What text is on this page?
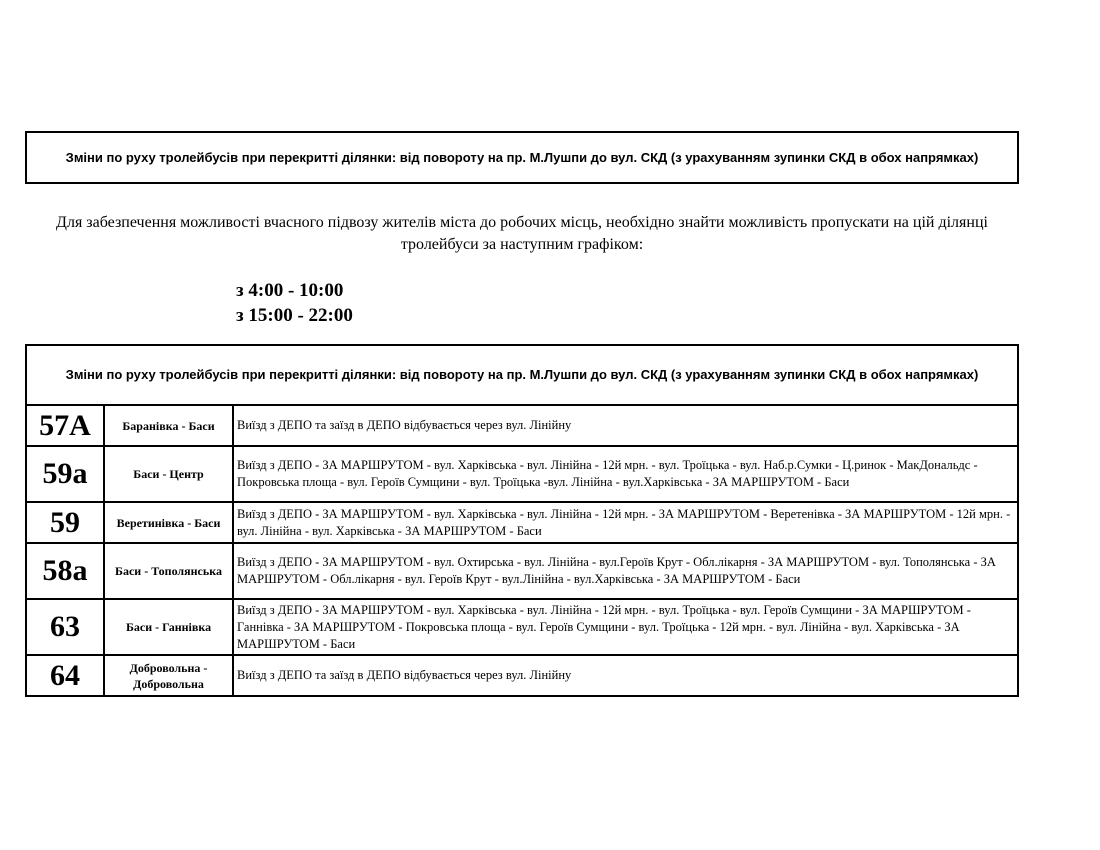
Зміни по руху тролейбусів при перекритті ділянки: від повороту на пр. М.Лушпи до вул. СКД (з урахуванням зупинки СКД в обох напрямках)
Для забезпечення можливості вчасного підвозу жителів міста до робочих місць, необхідно знайти можливість пропускати на цій ділянці тролейбуси за наступним графіком:
з 4:00 - 10:00
з 15:00 - 22:00
Зміни по руху тролейбусів при перекритті ділянки: від повороту на пр. М.Лушпи до вул. СКД (з урахуванням зупинки СКД в обох напрямках)		
57А	Баранівка - Баси	Виїзд з ДЕПО та заїзд в ДЕПО відбувається через вул. Лінійну
59а	Баси - Центр	Виїзд з ДЕПО - ЗА МАРШРУТОМ - вул. Харківська - вул. Лінійна - 12й мрн. - вул. Троїцька - вул. Наб.р.Сумки - Ц.ринок - МакДональдс - Покровська площа - вул. Героїв Сумщини - вул. Троїцька -вул. Лінійна - вул.Харківська - ЗА МАРШРУТОМ - Баси
59	Веретинівка - Баси	Виїзд з ДЕПО - ЗА МАРШРУТОМ - вул. Харківська - вул. Лінійна - 12й мрн. - ЗА МАРШРУТОМ - Веретенівка - ЗА МАРШРУТОМ - 12й мрн. - вул. Лінійна - вул. Харківська - ЗА МАРШРУТОМ - Баси
58а	Баси - Тополянська	Виїзд з ДЕПО - ЗА МАРШРУТОМ - вул. Охтирська - вул. Лінійна - вул.Героїв Крут - Обл.лікарня - ЗА МАРШРУТОМ - вул. Тополянська - ЗА МАРШРУТОМ - Обл.лікарня - вул. Героїв Крут - вул.Лінійна - вул.Харківська - ЗА МАРШРУТОМ - Баси
63	Баси - Ганнівка	Виїзд з ДЕПО - ЗА МАРШРУТОМ - вул. Харківська - вул. Лінійна - 12й мрн. - вул. Троїцька - вул. Героїв Сумщини - ЗА МАРШРУТОМ - Ганнівка - ЗА МАРШРУТОМ - Покровська площа - вул. Героїв Сумщини - вул. Троїцька - 12й мрн. - вул. Лінійна - вул. Харківська - ЗА МАРШРУТОМ - Баси
64	Добровольна - Добровольна	Виїзд з ДЕПО та заїзд в ДЕПО відбувається через вул. Лінійну
